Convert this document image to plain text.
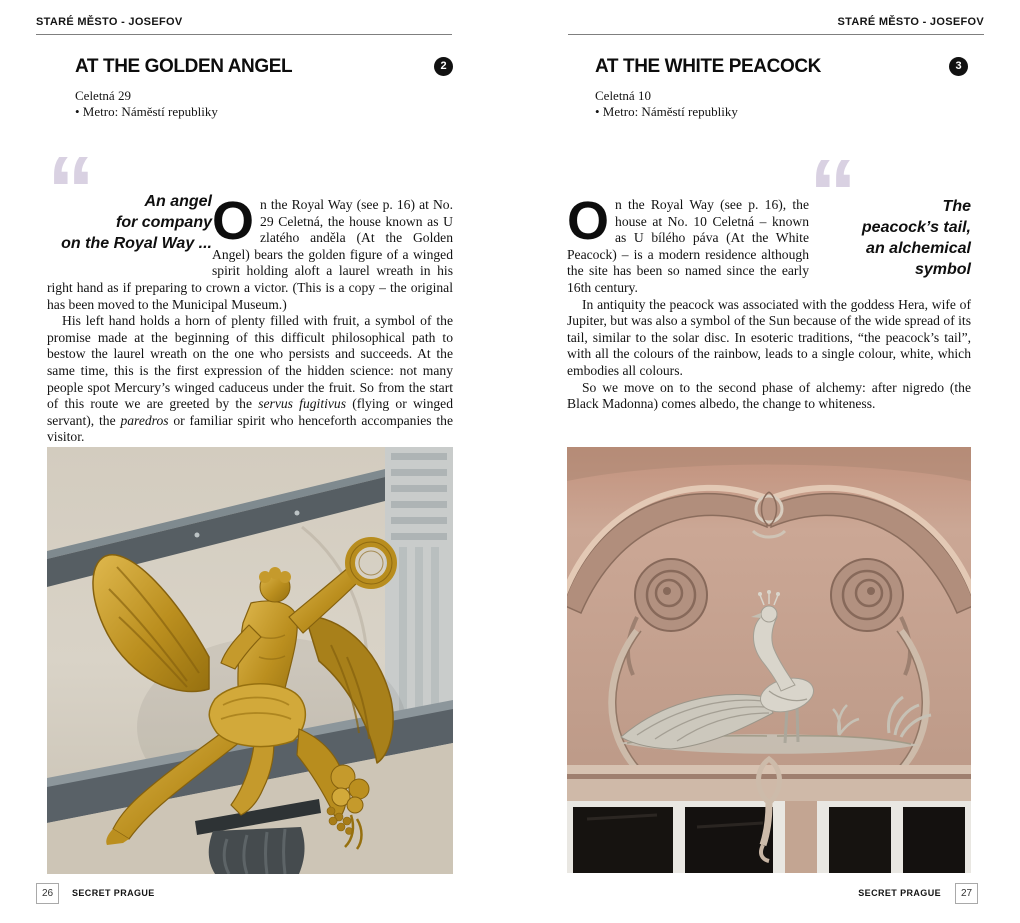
STARÉ MĚSTO - JOSEFOV
AT THE GOLDEN ANGEL	2
Celetná 29
• Metro: Náměstí republiky
“	An angel
for company
on the Royal Way ... On the Royal Way (see p. 16) at No. 29 Celetná, the house known as U zlatého anděla (At the Golden Angel) bears the golden figure of a winged spirit holding aloft a laurel wreath in his right hand as if preparing to crown a victor. (This is a copy – the original has been moved to the Municipal Museum.)

His left hand holds a horn of plenty filled with fruit, a symbol of the promise made at the beginning of this difficult philosophical path to bestow the laurel wreath on the one who persists and succeeds. At the same time, this is the first expression of the hidden science: not many people spot Mercury’s winged caduceus under the fruit. So from the start of this route we are greeted by the servus fugitivus (flying or winged servant), the paredros or familiar spirit who henceforth accompanies the visitor.

26	SECRET PRAGUE
STARÉ MĚSTO - JOSEFOV
AT THE WHITE PEACOCK	3
Celetná 10
• Metro: Náměstí republiky
“	The
peacock’s tail,
an alchemical
symbol

On the Royal Way (see p. 16), the house at No. 10 Celetná – known as U bílého páva (At the White Peacock) – is a modern residence although the site has been so named since the early 16th century.

In antiquity the peacock was associated with the goddess Hera, wife of Jupiter, but was also a symbol of the Sun because of the wide spread of its tail, similar to the solar disc. In esoteric traditions, “the peacock’s tail”, with all the colours of the rainbow, leads to a single colour, white, which embodies all colours.

So we move on to the second phase of alchemy: after nigredo (the Black Madonna) comes albedo, the change to whiteness.

SECRET PRAGUE	27
